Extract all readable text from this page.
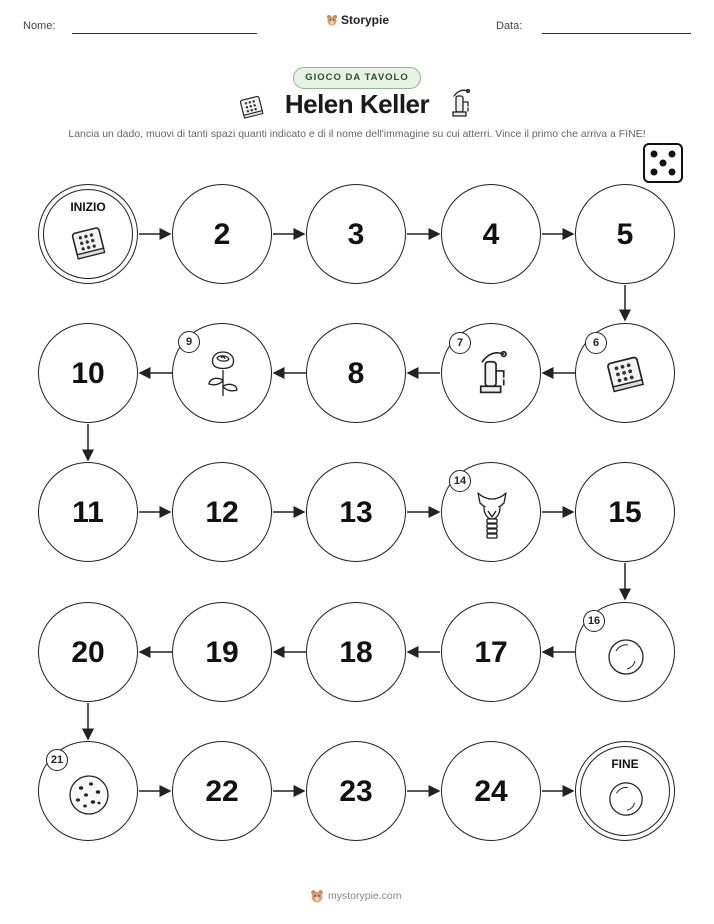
Nome:	Storypie	Data:
GIOCO DA TAVOLO
Helen Keller
Lancia un dado, muovi di tanti spazi quanti indicato e di il nome dell'immagine su cui atterri. Vince il primo che arriva a FINE!
INIZIO
2	3	4	5
10
9
8
7	6
11	12	13
14
15
20	19	18	17
16
21
22	23	24
FINE
mystorypie.com
